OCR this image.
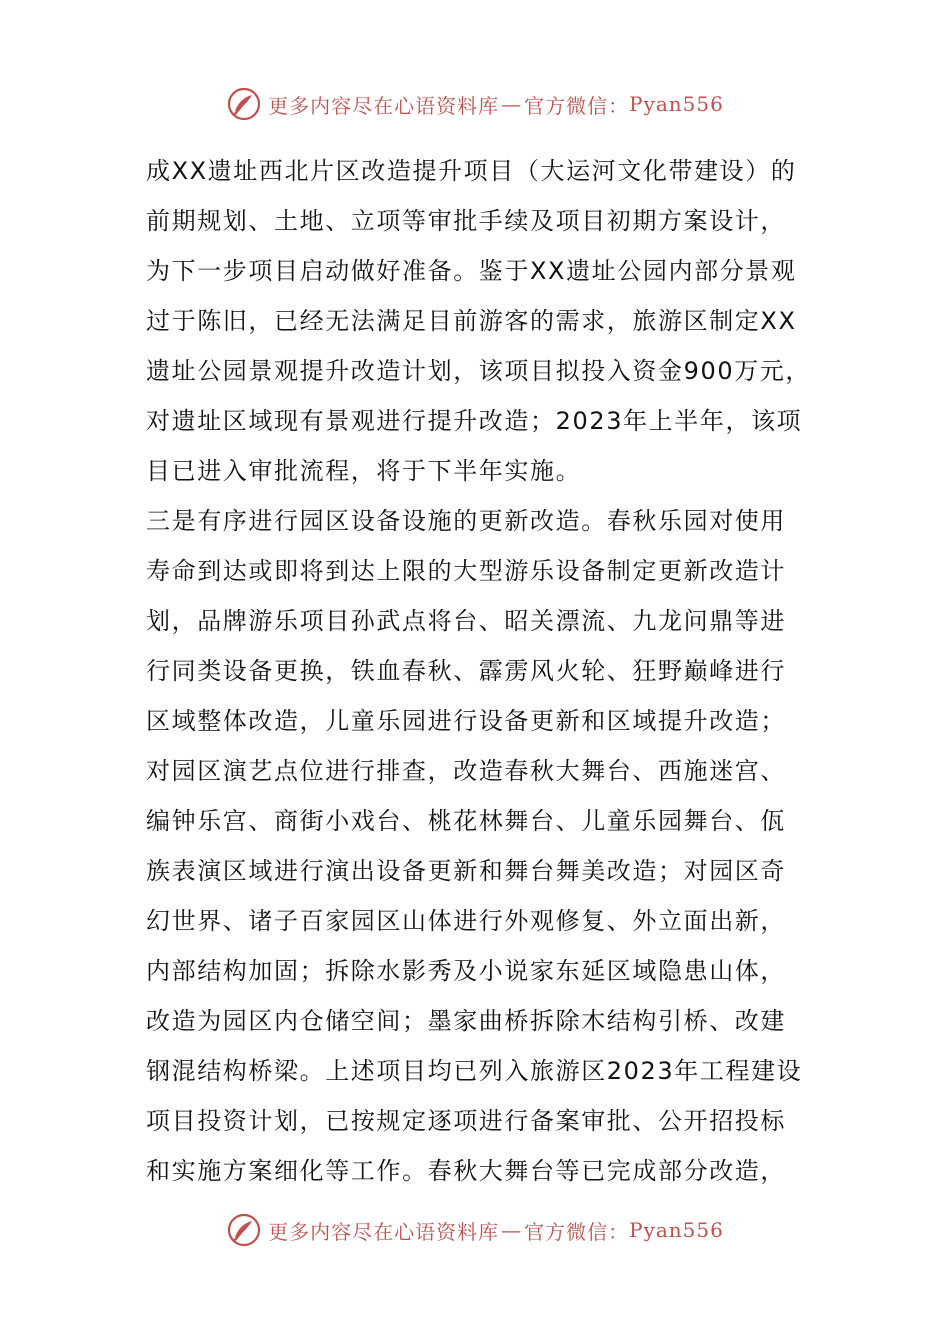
更多内容尽在心语资料库 — 官方微信： Pyan556
成XX遗址西北片区改造提升项目（大运河文化带建设）的
前期规划、土地、立项等审批手续及项目初期方案设计，
为下一步项目启动做好准备。鉴于XX遗址公园内部分景观
过于陈旧，已经无法满足目前游客的需求，旅游区制定XX
遗址公园景观提升改造计划，该项目拟投入资金900万元，
对遗址区域现有景观进行提升改造；2023年上半年，该项
目已进入审批流程，将于下半年实施。
三是有序进行园区设备设施的更新改造。春秋乐园对使用
寿命到达或即将到达上限的大型游乐设备制定更新改造计
划，品牌游乐项目孙武点将台、昭关漂流、九龙问鼎等进
行同类设备更换，铁血春秋、霹雳风火轮、狂野巅峰进行
区域整体改造，儿童乐园进行设备更新和区域提升改造；
对园区演艺点位进行排查，改造春秋大舞台、西施迷宫、
编钟乐宫、商街小戏台、桃花林舞台、儿童乐园舞台、佤
族表演区域进行演出设备更新和舞台舞美改造；对园区奇
幻世界、诸子百家园区山体进行外观修复、外立面出新，
内部结构加固；拆除水影秀及小说家东延区域隐患山体，
改造为园区内仓储空间；墨家曲桥拆除木结构引桥、改建
钢混结构桥梁。上述项目均已列入旅游区2023年工程建设
项目投资计划，已按规定逐项进行备案审批、公开招投标
和实施方案细化等工作。春秋大舞台等已完成部分改造，
更多内容尽在心语资料库 — 官方微信： Pyan556
